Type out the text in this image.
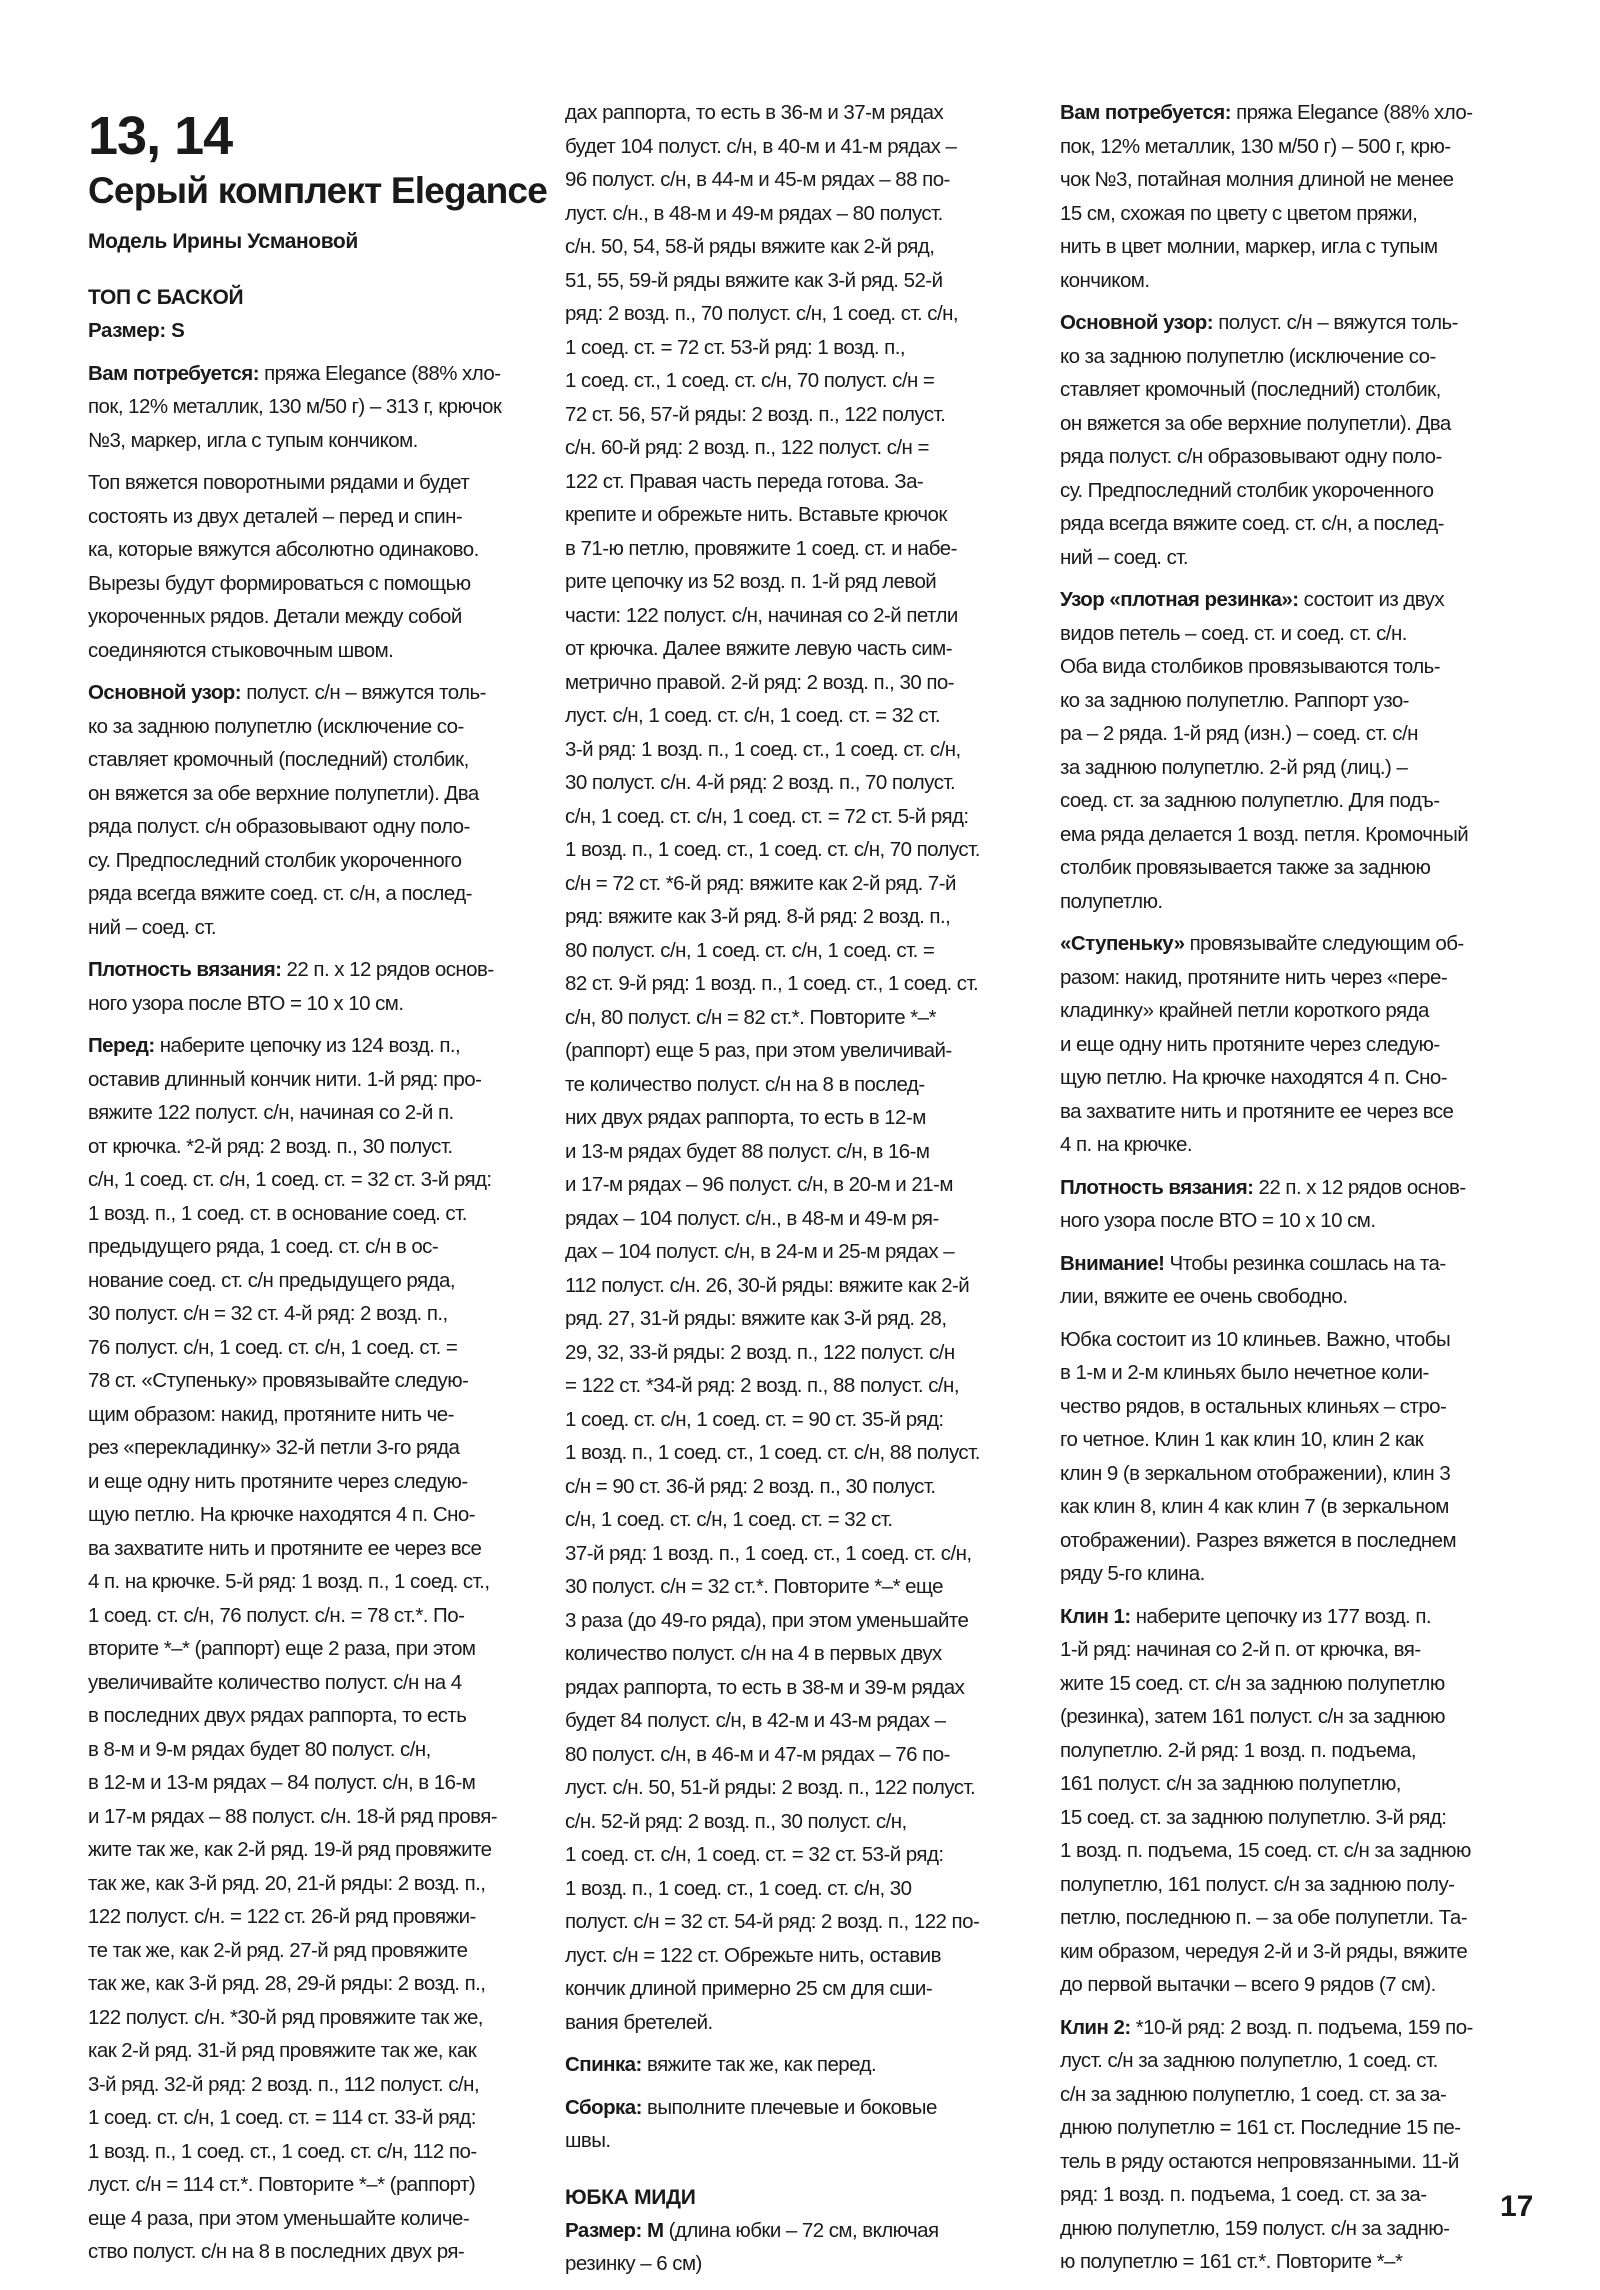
13, 14
Серый комплект Elegance
Модель Ирины Усмановой
ТОП С БАСКОЙ
Размер: S
Вам потребуется: пряжа Elegance (88% хло-
пок, 12% металлик, 130 м/50 г) – 313 г, крючок
№3, маркер, игла с тупым кончиком.
Топ вяжется поворотными рядами и будет
состоять из двух деталей – перед и спин-
ка, которые вяжутся абсолютно одинаково.
Вырезы будут формироваться с помощью
укороченных рядов. Детали между собой
соединяются стыковочным швом.
Основной узор: полуст. с/н – вяжутся толь-
ко за заднюю полупетлю (исключение со-
ставляет кромочный (последний) столбик,
он вяжется за обе верхние полупетли). Два
ряда полуст. с/н образовывают одну поло-
су. Предпоследний столбик укороченного
ряда всегда вяжите соед. ст. с/н, а послед-
ний – соед. ст.
Плотность вязания: 22 п. х 12 рядов основ-
ного узора после ВТО = 10 х 10 см.
Перед: наберите цепочку из 124 возд. п.,
оставив длинный кончик нити. 1-й ряд: про-
вяжите 122 полуст. с/н, начиная со 2-й п.
от крючка. *2-й ряд: 2 возд. п., 30 полуст.
с/н, 1 соед. ст. с/н, 1 соед. ст. = 32 ст. 3-й ряд:
1 возд. п., 1 соед. ст. в основание соед. ст.
предыдущего ряда, 1 соед. ст. с/н в ос-
нование соед. ст. с/н предыдущего ряда,
30 полуст. с/н = 32 ст. 4-й ряд: 2 возд. п.,
76 полуст. с/н, 1 соед. ст. с/н, 1 соед. ст. =
78 ст. «Ступеньку» провязывайте следую-
щим образом: накид, протяните нить че-
рез «перекладинку» 32-й петли 3-го ряда
и еще одну нить протяните через следую-
щую петлю. На крючке находятся 4 п. Сно-
ва захватите нить и протяните ее через все
4 п. на крючке. 5-й ряд: 1 возд. п., 1 соед. ст.,
1 соед. ст. с/н, 76 полуст. с/н. = 78 ст.*. По-
вторите *–* (раппорт) еще 2 раза, при этом
увеличивайте количество полуст. с/н на 4
в последних двух рядах раппорта, то есть
в 8-м и 9-м рядах будет 80 полуст. с/н,
в 12-м и 13-м рядах – 84 полуст. с/н, в 16-м
и 17-м рядах – 88 полуст. с/н. 18-й ряд провя-
жите так же, как 2-й ряд. 19-й ряд провяжите
так же, как 3-й ряд. 20, 21-й ряды: 2 возд. п.,
122 полуст. с/н. = 122 ст. 26-й ряд провяжи-
те так же, как 2-й ряд. 27-й ряд провяжите
так же, как 3-й ряд. 28, 29-й ряды: 2 возд. п.,
122 полуст. с/н. *30-й ряд провяжите так же,
как 2-й ряд. 31-й ряд провяжите так же, как
3-й ряд. 32-й ряд: 2 возд. п., 112 полуст. с/н,
1 соед. ст. с/н, 1 соед. ст. = 114 ст. 33-й ряд:
1 возд. п., 1 соед. ст., 1 соед. ст. с/н, 112 по-
луст. с/н = 114 ст.*. Повторите *–* (раппорт)
еще 4 раза, при этом уменьшайте количе-
ство полуст. с/н на 8 в последних двух ря-
дах раппорта, то есть в 36-м и 37-м рядах
будет 104 полуст. с/н, в 40-м и 41-м рядах –
96 полуст. с/н, в 44-м и 45-м рядах – 88 по-
луст. с/н., в 48-м и 49-м рядах – 80 полуст.
с/н. 50, 54, 58-й ряды вяжите как 2-й ряд,
51, 55, 59-й ряды вяжите как 3-й ряд. 52-й
ряд: 2 возд. п., 70 полуст. с/н, 1 соед. ст. с/н,
1 соед. ст. = 72 ст. 53-й ряд: 1 возд. п.,
1 соед. ст., 1 соед. ст. с/н, 70 полуст. с/н =
72 ст. 56, 57-й ряды: 2 возд. п., 122 полуст.
с/н. 60-й ряд: 2 возд. п., 122 полуст. с/н =
122 ст. Правая часть переда готова. За-
крепите и обрежьте нить. Вставьте крючок
в 71-ю петлю, провяжите 1 соед. ст. и набе-
рите цепочку из 52 возд. п. 1-й ряд левой
части: 122 полуст. с/н, начиная со 2-й петли
от крючка. Далее вяжите левую часть сим-
метрично правой. 2-й ряд: 2 возд. п., 30 по-
луст. с/н, 1 соед. ст. с/н, 1 соед. ст. = 32 ст.
3-й ряд: 1 возд. п., 1 соед. ст., 1 соед. ст. с/н,
30 полуст. с/н. 4-й ряд: 2 возд. п., 70 полуст.
с/н, 1 соед. ст. с/н, 1 соед. ст. = 72 ст. 5-й ряд:
1 возд. п., 1 соед. ст., 1 соед. ст. с/н, 70 полуст.
с/н = 72 ст. *6-й ряд: вяжите как 2-й ряд. 7-й
ряд: вяжите как 3-й ряд. 8-й ряд: 2 возд. п.,
80 полуст. с/н, 1 соед. ст. с/н, 1 соед. ст. =
82 ст. 9-й ряд: 1 возд. п., 1 соед. ст., 1 соед. ст.
с/н, 80 полуст. с/н = 82 ст.*. Повторите *–*
(раппорт) еще 5 раз, при этом увеличивай-
те количество полуст. с/н на 8 в послед-
них двух рядах раппорта, то есть в 12-м
и 13-м рядах будет 88 полуст. с/н, в 16-м
и 17-м рядах – 96 полуст. с/н, в 20-м и 21-м
рядах – 104 полуст. с/н., в 48-м и 49-м ря-
дах – 104 полуст. с/н, в 24-м и 25-м рядах –
112 полуст. с/н. 26, 30-й ряды: вяжите как 2-й
ряд. 27, 31-й ряды: вяжите как 3-й ряд. 28,
29, 32, 33-й ряды: 2 возд. п., 122 полуст. с/н
= 122 ст. *34-й ряд: 2 возд. п., 88 полуст. с/н,
1 соед. ст. с/н, 1 соед. ст. = 90 ст. 35-й ряд:
1 возд. п., 1 соед. ст., 1 соед. ст. с/н, 88 полуст.
с/н = 90 ст. 36-й ряд: 2 возд. п., 30 полуст.
с/н, 1 соед. ст. с/н, 1 соед. ст. = 32 ст.
37-й ряд: 1 возд. п., 1 соед. ст., 1 соед. ст. с/н,
30 полуст. с/н = 32 ст.*. Повторите *–* еще
3 раза (до 49-го ряда), при этом уменьшайте
количество полуст. с/н на 4 в первых двух
рядах раппорта, то есть в 38-м и 39-м рядах
будет 84 полуст. с/н, в 42-м и 43-м рядах –
80 полуст. с/н, в 46-м и 47-м рядах – 76 по-
луст. с/н. 50, 51-й ряды: 2 возд. п., 122 полуст.
с/н. 52-й ряд: 2 возд. п., 30 полуст. с/н,
1 соед. ст. с/н, 1 соед. ст. = 32 ст. 53-й ряд:
1 возд. п., 1 соед. ст., 1 соед. ст. с/н, 30
полуст. с/н = 32 ст. 54-й ряд: 2 возд. п., 122 по-
луст. с/н = 122 ст. Обрежьте нить, оставив
кончик длиной примерно 25 см для сши-
вания бретелей.
Спинка: вяжите так же, как перед.
Сборка: выполните плечевые и боковые
швы.
ЮБКА МИДИ
Размер: М (длина юбки – 72 см, включая
резинку – 6 см)
Вам потребуется: пряжа Elegance (88% хло-
пок, 12% металлик, 130 м/50 г) – 500 г, крю-
чок №3, потайная молния длиной не менее
15 см, схожая по цвету с цветом пряжи,
нить в цвет молнии, маркер, игла с тупым
кончиком.
Основной узор: полуст. с/н – вяжутся толь-
ко за заднюю полупетлю (исключение со-
ставляет кромочный (последний) столбик,
он вяжется за обе верхние полупетли). Два
ряда полуст. с/н образовывают одну поло-
су. Предпоследний столбик укороченного
ряда всегда вяжите соед. ст. с/н, а послед-
ний – соед. ст.
Узор «плотная резинка»: состоит из двух
видов петель – соед. ст. и соед. ст. с/н.
Оба вида столбиков провязываются толь-
ко за заднюю полупетлю. Раппорт узо-
ра – 2 ряда. 1-й ряд (изн.) – соед. ст. с/н
за заднюю полупетлю. 2-й ряд (лиц.) –
соед. ст. за заднюю полупетлю. Для подъ-
ема ряда делается 1 возд. петля. Кромочный
столбик провязывается также за заднюю
полупетлю.
«Ступеньку» провязывайте следующим об-
разом: накид, протяните нить через «пере-
кладинку» крайней петли короткого ряда
и еще одну нить протяните через следую-
щую петлю. На крючке находятся 4 п. Сно-
ва захватите нить и протяните ее через все
4 п. на крючке.
Плотность вязания: 22 п. х 12 рядов основ-
ного узора после ВТО = 10 х 10 см.
Внимание! Чтобы резинка сошлась на та-
лии, вяжите ее очень свободно.
Юбка состоит из 10 клиньев. Важно, чтобы
в 1-м и 2-м клиньях было нечетное коли-
чество рядов, в остальных клиньях – стро-
го четное. Клин 1 как клин 10, клин 2 как
клин 9 (в зеркальном отображении), клин 3
как клин 8, клин 4 как клин 7 (в зеркальном
отображении). Разрез вяжется в последнем
ряду 5-го клина.
Клин 1: наберите цепочку из 177 возд. п.
1-й ряд: начиная со 2-й п. от крючка, вя-
жите 15 соед. ст. с/н за заднюю полупетлю
(резинка), затем 161 полуст. с/н за заднюю
полупетлю. 2-й ряд: 1 возд. п. подъема,
161 полуст. с/н за заднюю полупетлю,
15 соед. ст. за заднюю полупетлю. 3-й ряд:
1 возд. п. подъема, 15 соед. ст. с/н за заднюю
полупетлю, 161 полуст. с/н за заднюю полу-
петлю, последнюю п. – за обе полупетли. Та-
ким образом, чередуя 2-й и 3-й ряды, вяжите
до первой вытачки – всего 9 рядов (7 см).
Клин 2: *10-й ряд: 2 возд. п. подъема, 159 по-
луст. с/н за заднюю полупетлю, 1 соед. ст.
с/н за заднюю полупетлю, 1 соед. ст. за за-
днюю полупетлю = 161 ст. Последние 15 пе-
тель в ряду остаются непровязанными. 11-й
ряд: 1 возд. п. подъема, 1 соед. ст. за за-
днюю полупетлю, 159 полуст. с/н за задню-
ю полупетлю = 161 ст.*. Повторите *–*
17
